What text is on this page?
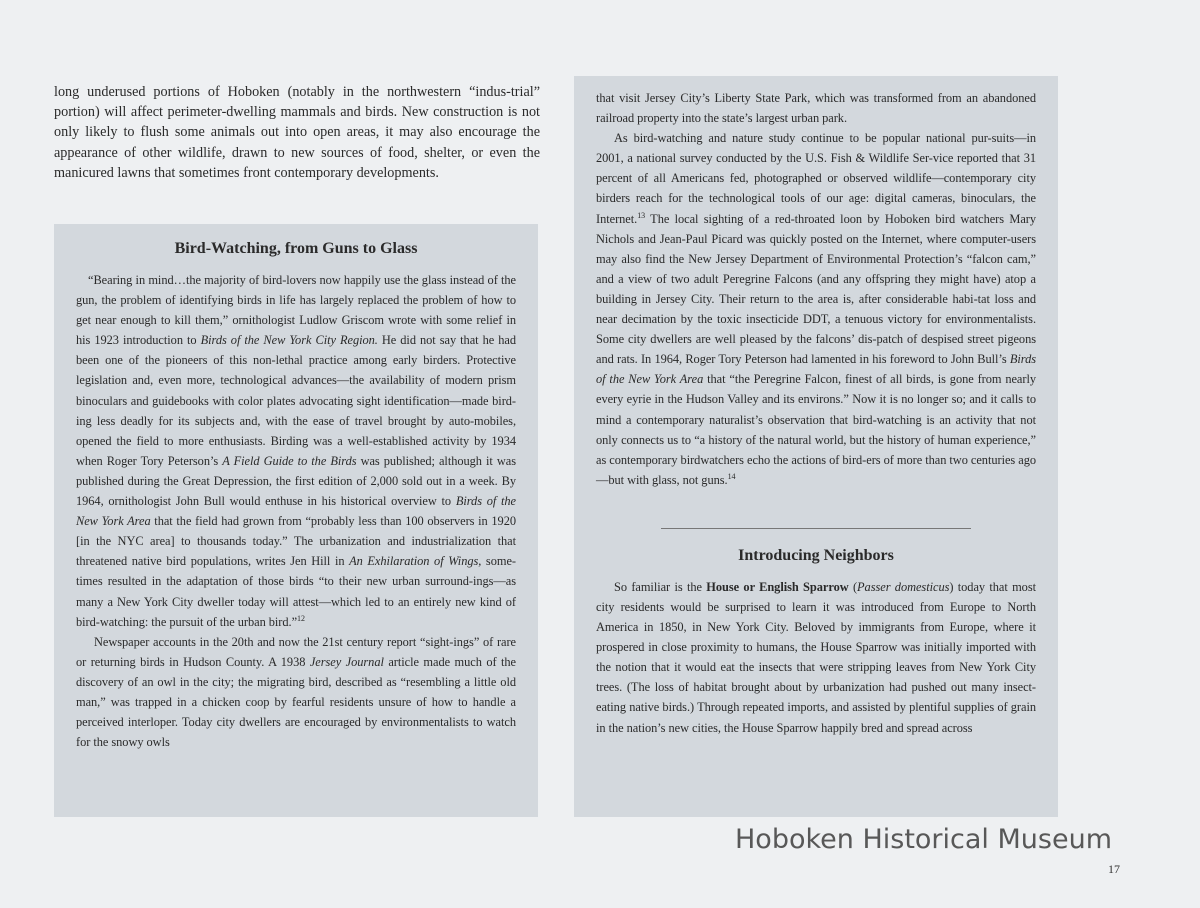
long underused portions of Hoboken (notably in the northwestern “indus-trial” portion) will affect perimeter-dwelling mammals and birds. New construction is not only likely to flush some animals out into open areas, it may also encourage the appearance of other wildlife, drawn to new sources of food, shelter, or even the manicured lawns that sometimes front contemporary developments.

Bird-Watching, from Guns to Glass

“Bearing in mind…the majority of bird-lovers now happily use the glass instead of the gun, the problem of identifying birds in life has largely replaced the problem of how to get near enough to kill them,” ornithologist Ludlow Griscom wrote with some relief in his 1923 introduction to Birds of the New York City Region. He did not say that he had been one of the pioneers of this non-lethal practice among early birders. Protective legislation and, even more, technological advances—the availability of modern prism binoculars and guidebooks with color plates advocating sight identification—made bird-ing less deadly for its subjects and, with the ease of travel brought by auto-mobiles, opened the field to more enthusiasts. Birding was a well-established activity by 1934 when Roger Tory Peterson’s A Field Guide to the Birds was published; although it was published during the Great Depression, the first edition of 2,000 sold out in a week. By 1964, ornithologist John Bull would enthuse in his historical overview to Birds of the New York Area that the field had grown from “probably less than 100 observers in 1920 [in the NYC area] to thousands today.” The urbanization and industrialization that threatened native bird populations, writes Jen Hill in An Exhilaration of Wings, some-times resulted in the adaptation of those birds “to their new urban surround-ings—as many a New York City dweller today will attest—which led to an entirely new kind of bird-watching: the pursuit of the urban bird.”$^{12}$

Newspaper accounts in the 20th and now the 21st century report “sight-ings” of rare or returning birds in Hudson County. A 1938 Jersey Journal article made much of the discovery of an owl in the city; the migrating bird, described as “resembling a little old man,” was trapped in a chicken coop by fearful residents unsure of how to handle a perceived interloper. Today city dwellers are encouraged by environmentalists to watch for the snowy owls

that visit Jersey City’s Liberty State Park, which was transformed from an abandoned railroad property into the state’s largest urban park.

As bird-watching and nature study continue to be popular national pur-suits—in 2001, a national survey conducted by the U.S. Fish & Wildlife Ser-vice reported that 31 percent of all Americans fed, photographed or observed wildlife—contemporary city birders reach for the technological tools of our age: digital cameras, binoculars, the Internet.$^{13}$ The local sighting of a red-throated loon by Hoboken bird watchers Mary Nichols and Jean-Paul Picard was quickly posted on the Internet, where computer-users may also find the New Jersey Department of Environmental Protection’s “falcon cam,” and a view of two adult Peregrine Falcons (and any offspring they might have) atop a building in Jersey City. Their return to the area is, after considerable habi-tat loss and near decimation by the toxic insecticide DDT, a tenuous victory for environmentalists. Some city dwellers are well pleased by the falcons’ dis-patch of despised street pigeons and rats. In 1964, Roger Tory Peterson had lamented in his foreword to John Bull’s Birds of the New York Area that “the Peregrine Falcon, finest of all birds, is gone from nearly every eyrie in the Hudson Valley and its environs.” Now it is no longer so; and it calls to mind a contemporary naturalist’s observation that bird-watching is an activity that not only connects us to “a history of the natural world, but the history of human experience,” as contemporary birdwatchers echo the actions of bird-ers of more than two centuries ago—but with glass, not guns.$^{14}$

Introducing Neighbors

So familiar is the House or English Sparrow (Passer domesticus) today that most city residents would be surprised to learn it was introduced from Europe to North America in 1850, in New York City. Beloved by immigrants from Europe, where it prospered in close proximity to humans, the House Sparrow was initially imported with the notion that it would eat the insects that were stripping leaves from New York City trees. (The loss of habitat brought about by urbanization had pushed out many insect-eating native birds.) Through repeated imports, and assisted by plentiful supplies of grain in the nation’s new cities, the House Sparrow happily bred and spread across

Hoboken Historical Museum
17
